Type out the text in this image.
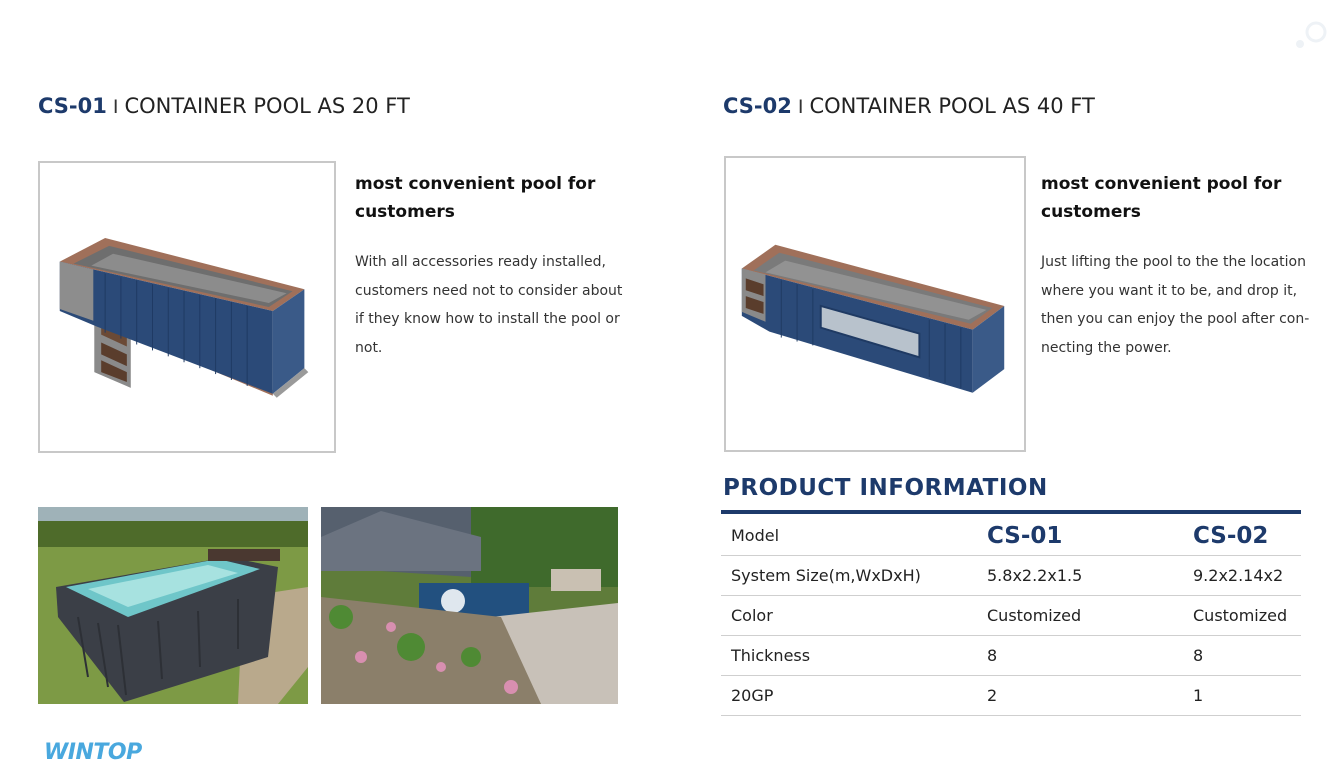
CS-01 I CONTAINER POOL AS 20 FT	CS-02 I CONTAINER POOL AS 40 FT
most convenient pool for customers
With all accessories ready installed, customers need not to consider about if they know how to install the pool or not.
most convenient pool for customers
Just lifting the pool to the the location where you want it to be, and drop it, then you can enjoy the pool after con-necting the power.
PRODUCT INFORMATION
Model	CS-01	CS-02
System Size(m,WxDxH)	5.8x2.2x1.5	9.2x2.14x2
Color	Customized	Customized
Thickness	8	8
20GP	2	1
WINTOP
